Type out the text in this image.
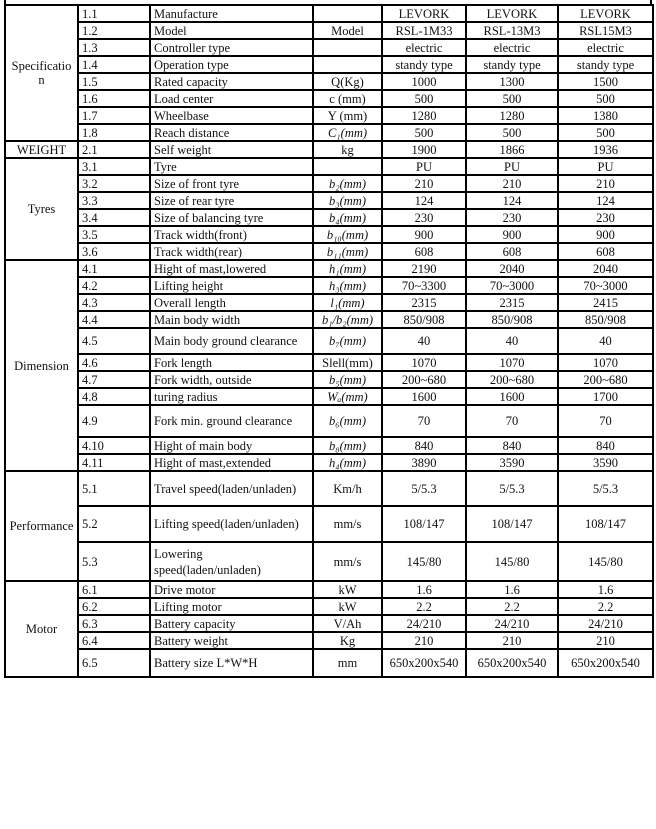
Specificatio n	1.1	Manufacture		LEVORK	LEVORK	LEVORK
	1.2	Model	Model	RSL-1M33	RSL-13M3	RSL15M3
	1.3	Controller type		electric	electric	electric
	1.4	Operation type		standy type	standy type	standy type
	1.5	Rated capacity	Q(Kg)	1000	1300	1500
	1.6	Load center	c (mm)	500	500	500
	1.7	Wheelbase	Y (mm)	1280	1280	1380
	1.8	Reach distance	C₁(mm)	500	500	500
WEIGHT	2.1	Self weight	kg	1900	1866	1936
Tyres	3.1	Tyre		PU	PU	PU
	3.2	Size of front tyre	b₂(mm)	210	210	210
	3.3	Size of rear tyre	b₃(mm)	124	124	124
	3.4	Size of balancing tyre	b₄(mm)	230	230	230
	3.5	Track width(front)	b₁₀(mm)	900	900	900
	3.6	Track width(rear)	b₁₁(mm)	608	608	608
Dimension	4.1	Hight of mast,lowered	h₁(mm)	2190	2040	2040
	4.2	Lifting height	h₃(mm)	70~3300	70~3000	70~3000
	4.3	Overall length	l₁(mm)	2315	2315	2415
	4.4	Main body width	b₁/b₂(mm)	850/908	850/908	850/908
	4.5	Main body ground clearance	b₇(mm)	40	40	40
	4.6	Fork length	Slell(mm)	1070	1070	1070
	4.7	Fork width, outside	b₅(mm)	200~680	200~680	200~680
	4.8	turing radius	Wₐ(mm)	1600	1600	1700
	4.9	Fork min. ground clearance	b₆(mm)	70	70	70
	4.10	Hight of main body	b₈(mm)	840	840	840
	4.11	Hight of mast,extended	h₄(mm)	3890	3590	3590
Performance	5.1	Travel speed(laden/unladen)	Km/h	5/5.3	5/5.3	5/5.3
	5.2	Lifting speed(laden/unladen)	mm/s	108/147	108/147	108/147
	5.3	Lowering speed(laden/unladen)	mm/s	145/80	145/80	145/80
Motor	6.1	Drive motor	kW	1.6	1.6	1.6
	6.2	Lifting motor	kW	2.2	2.2	2.2
	6.3	Battery capacity	V/Ah	24/210	24/210	24/210
	6.4	Battery weight	Kg	210	210	210
	6.5	Battery size L*W*H	mm	650x200x540	650x200x540	650x200x540
